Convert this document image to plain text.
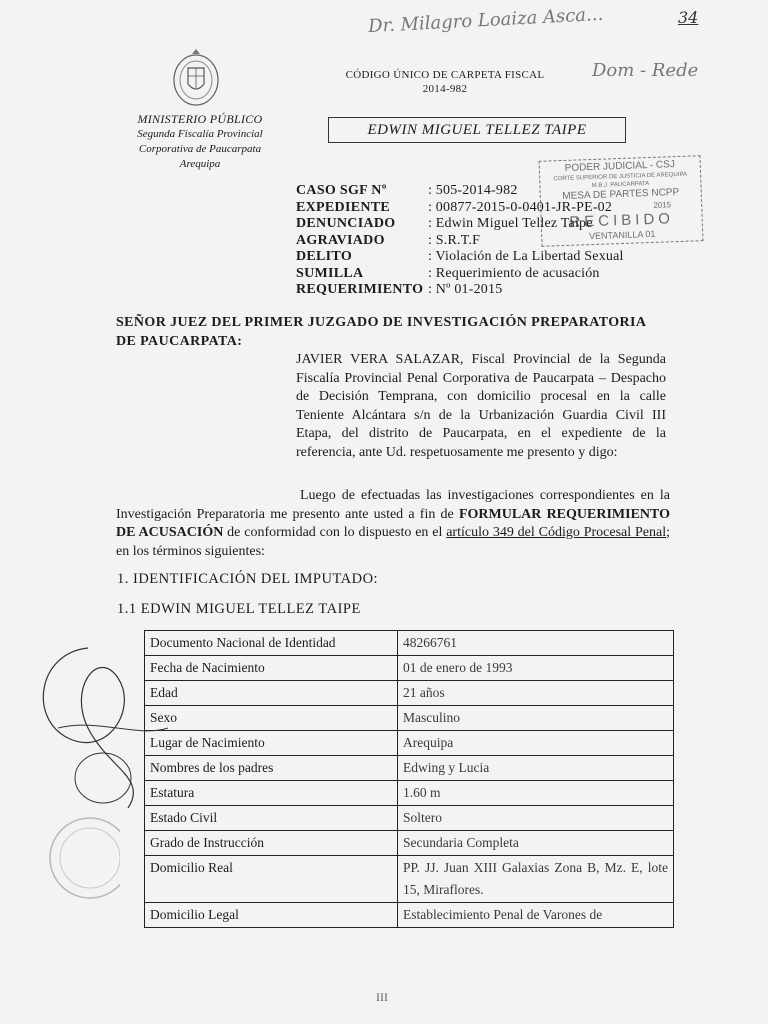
Dr. Milagro Loaiza Asca...	34
Dom - Rede
MINISTERIO PÚBLICO
Segunda Fiscalía Provincial
Corporativa de Paucarpata
Arequipa
CÓDIGO ÚNICO DE CARPETA FISCAL
2014-982
EDWIN MIGUEL TELLEZ TAIPE
PODER JUDICIAL - CSJ
CORTE SUPERIOR DE JUSTICIA DE AREQUIPA
M.B.J. PAUCARPATA
MESA DE PARTES NCPP
2015
RECIBIDO
VENTANILLA 01
CASO SGF Nº	: 505-2014-982
EXPEDIENTE	: 00877-2015-0-0401-JR-PE-02
DENUNCIADO	: Edwin Miguel Tellez Taipe
AGRAVIADO	: S.R.T.F
DELITO	: Violación de La Libertad Sexual
SUMILLA	: Requerimiento de acusación
REQUERIMIENTO : Nº 01-2015
SEÑOR JUEZ DEL PRIMER JUZGADO DE INVESTIGACIÓN PREPARATORIA
DE PAUCARPATA:
JAVIER VERA SALAZAR, Fiscal Provincial de la Segunda Fiscalía Provincial Penal Corporativa de Paucarpata – Despacho de Decisión Temprana, con domicilio procesal en la calle Teniente Alcántara s/n de la Urbanización Guardia Civil III Etapa, del distrito de Paucarpata, en el expediente de la referencia, ante Ud. respetuosamente me presento y digo:
Luego de efectuadas las investigaciones correspondientes en la Investigación Preparatoria me presento ante usted a fin de FORMULAR REQUERIMIENTO DE ACUSACIÓN de conformidad con lo dispuesto en el artículo 349 del Código Procesal Penal; en los términos siguientes:
1. IDENTIFICACIÓN DEL IMPUTADO:
1.1 EDWIN MIGUEL TELLEZ TAIPE
Documento Nacional de Identidad	48266761
Fecha de Nacimiento	01 de enero de 1993
Edad	21 años
Sexo	Masculino
Lugar de Nacimiento	Arequipa
Nombres de los padres	Edwing y Lucia
Estatura	1.60 m
Estado Civil	Soltero
Grado de Instrucción	Secundaria Completa
Domicilio Real	PP. JJ. Juan XIII Galaxias Zona B, Mz. E, lote 15, Miraflores.
Domicilio Legal	Establecimiento Penal de Varones de
III
